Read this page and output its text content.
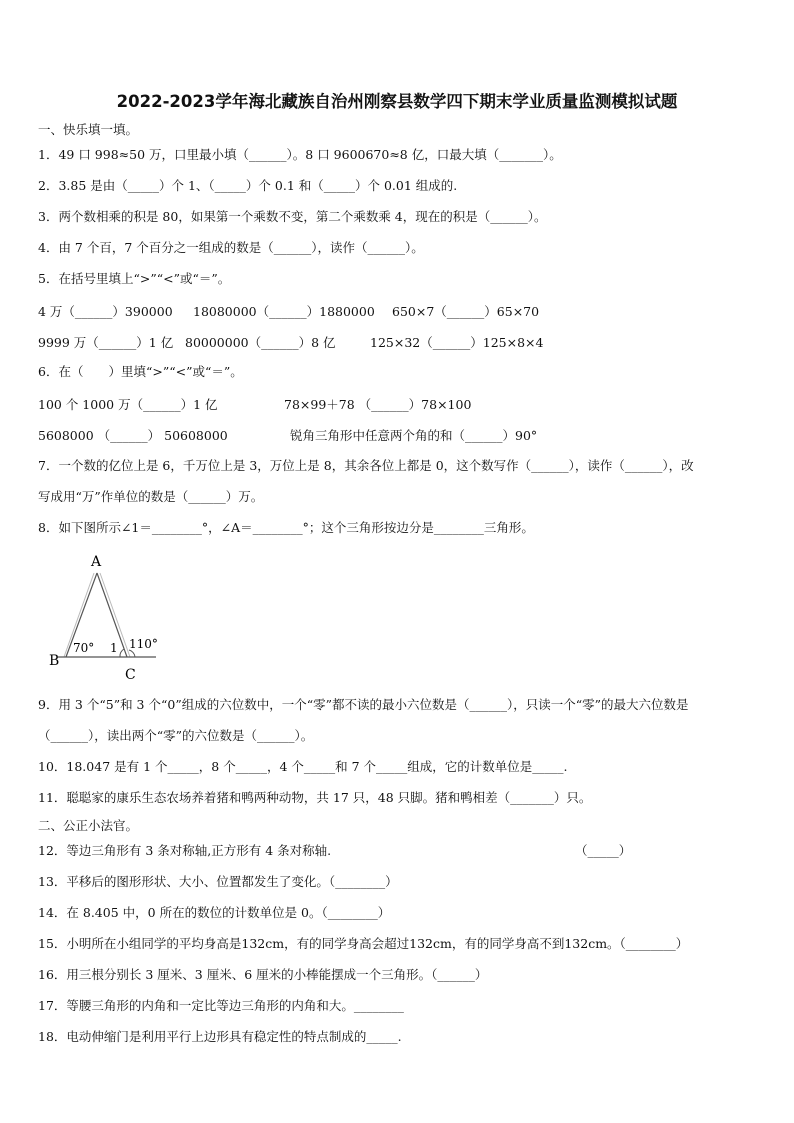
2022-2023学年海北藏族自治州刚察县数学四下期末学业质量监测模拟试题
一、快乐填一填。
1．49 口 998≈50 万，口里最小填（______）。8 口 9600670≈8 亿，口最大填（_______）。
2．3.85 是由（_____）个 1、（_____）个 0.1 和（_____）个 0.01 组成的.
3．两个数相乘的积是 80，如果第一个乘数不变，第二个乘数乘 4，现在的积是（______）。
4．由 7 个百，7 个百分之一组成的数是（______），读作（______）。
5．在括号里填上“>”“<”或“＝”。
4 万（______）390000 18080000（______）1880000 650×7（______）65×70
9999 万（______）1 亿 80000000（______）8 亿	125×32（______）125×8×4
6．在（　　）里填“>”“<”或“＝”。
100 个 1000 万（______）1 亿	78×99＋78 （______）78×100
5608000 （______） 50608000	锐角三角形中任意两个角的和（______）90°
7．一个数的亿位上是 6，千万位上是 3，万位上是 8，其余各位上都是 0，这个数写作（______），读作（______），改
写成用“万”作单位的数是（______）万。
8．如下图所示∠1＝________°，∠A＝________°；这个三角形按边分是________三角形。
A
B
C
70° 1 110°
9．用 3 个“5”和 3 个“0”组成的六位数中，一个“零”都不读的最小六位数是（______），只读一个“零”的最大六位数是
（______），读出两个“零”的六位数是（______）。
10．18.047 是有 1 个_____，8 个_____，4 个_____和 7 个_____组成，它的计数单位是_____.
11．聪聪家的康乐生态农场养着猪和鸭两种动物，共 17 只，48 只脚。猪和鸭相差（_______）只。
二、公正小法官。
12．等边三角形有 3 条对称轴,正方形有 4 条对称轴.	（_____）
13．平移后的图形形状、大小、位置都发生了变化。（________）
14．在 8.405 中，0 所在的数位的计数单位是 0。（________）
15．小明所在小组同学的平均身高是132cm，有的同学身高会超过132cm，有的同学身高不到132cm。（________）
16．用三根分别长 3 厘米、3 厘米、6 厘米的小棒能摆成一个三角形。（______）
17．等腰三角形的内角和一定比等边三角形的内角和大。________
18．电动伸缩门是利用平行上边形具有稳定性的特点制成的_____.
